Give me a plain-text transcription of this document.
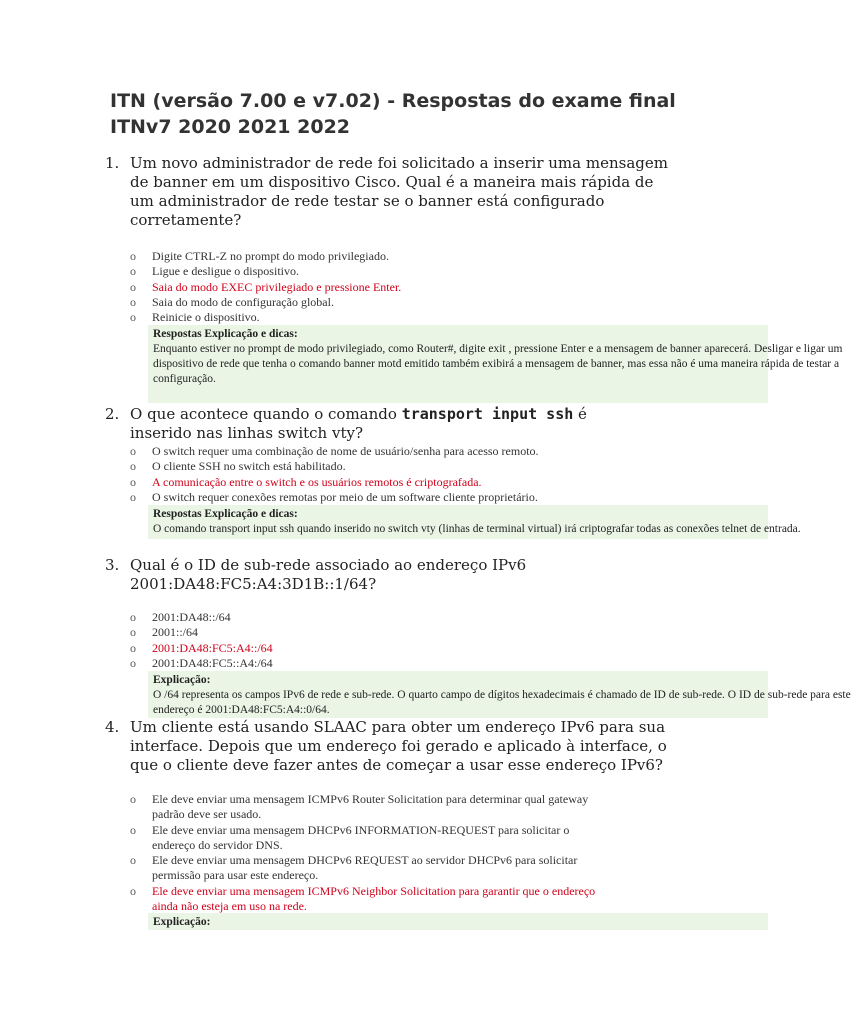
ITN (versão 7.00 e v7.02) - Respostas do exame final
ITNv7 2020 2021 2022
1. Um novo administrador de rede foi solicitado a inserir uma mensagem
de banner em um dispositivo Cisco. Qual é a maneira mais rápida de
um administrador de rede testar se o banner está configurado
corretamente?
o Digite CTRL-Z no prompt do modo privilegiado.
o Ligue e desligue o dispositivo.
o Saia do modo EXEC privilegiado e pressione Enter.
o Saia do modo de configuração global.
o Reinicie o dispositivo.
Respostas Explicação e dicas:
Enquanto estiver no prompt de modo privilegiado, como Router#, digite exit , pressione Enter e a mensagem de banner aparecerá. Desligar e ligar um
dispositivo de rede que tenha o comando banner motd emitido também exibirá a mensagem de banner, mas essa não é uma maneira rápida de testar a
configuração.
2. O que acontece quando o comando transport input ssh é
inserido nas linhas switch vty?
o O switch requer uma combinação de nome de usuário/senha para acesso remoto.
o O cliente SSH no switch está habilitado.
o A comunicação entre o switch e os usuários remotos é criptografada.
o O switch requer conexões remotas por meio de um software cliente proprietário.
Respostas Explicação e dicas:
O comando transport input ssh quando inserido no switch vty (linhas de terminal virtual) irá criptografar todas as conexões telnet de entrada.
3. Qual é o ID de sub-rede associado ao endereço IPv6
2001:DA48:FC5:A4:3D1B::1/64?
o 2001:DA48::/64
o 2001::/64
o 2001:DA48:FC5:A4::/64
o 2001:DA48:FC5::A4:/64
Explicação:
O /64 representa os campos IPv6 de rede e sub-rede. O quarto campo de dígitos hexadecimais é chamado de ID de sub-rede. O ID de sub-rede para este
endereço é 2001:DA48:FC5:A4::0/64.
4. Um cliente está usando SLAAC para obter um endereço IPv6 para sua
interface. Depois que um endereço foi gerado e aplicado à interface, o
que o cliente deve fazer antes de começar a usar esse endereço IPv6?
o Ele deve enviar uma mensagem ICMPv6 Router Solicitation para determinar qual gateway
padrão deve ser usado.
o Ele deve enviar uma mensagem DHCPv6 INFORMATION-REQUEST para solicitar o
endereço do servidor DNS.
o Ele deve enviar uma mensagem DHCPv6 REQUEST ao servidor DHCPv6 para solicitar
permissão para usar este endereço.
o Ele deve enviar uma mensagem ICMPv6 Neighbor Solicitation para garantir que o endereço
ainda não esteja em uso na rede.
Explicação:
